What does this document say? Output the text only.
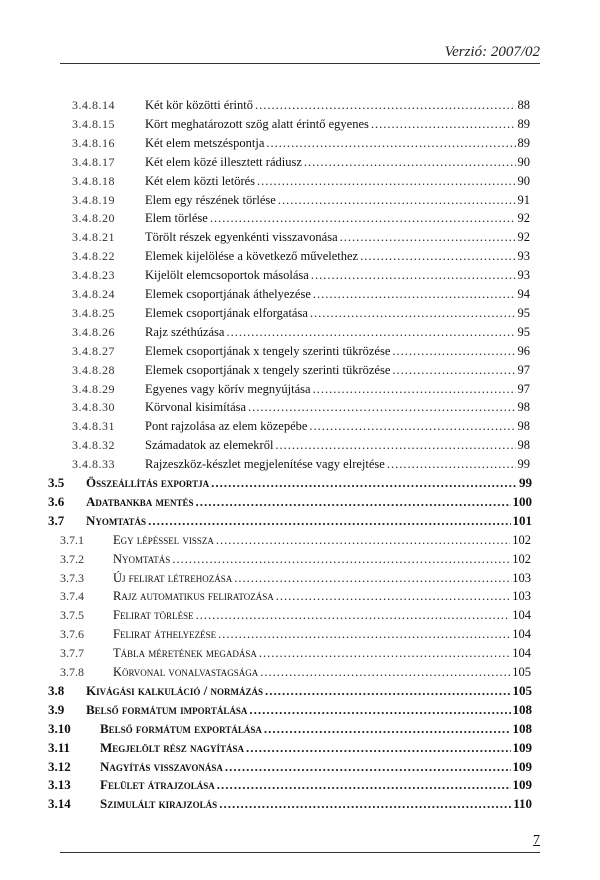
Verzió: 2007/02
3.4.8.14 Két kör közötti érintő .....	88
3.4.8.15 Kört meghatározott szög alatt érintő egyenes .....	89
3.4.8.16 Két elem metszéspontja .....	89
3.4.8.17 Két elem közé illesztett rádiusz .....	90
3.4.8.18 Két elem közti letörés .....	90
3.4.8.19 Elem egy részének törlése .....	91
3.4.8.20 Elem törlése .....	92
3.4.8.21 Törölt részek egyenkénti visszavonása .....	92
3.4.8.22 Elemek kijelölése a következő művelethez .....	93
3.4.8.23 Kijelölt elemcsoportok másolása .....	93
3.4.8.24 Elemek csoportjának áthelyezése .....	94
3.4.8.25 Elemek csoportjának elforgatása .....	95
3.4.8.26 Rajz széthúzása .....	95
3.4.8.27 Elemek csoportjának x tengely szerinti tükrözése .....	96
3.4.8.28 Elemek csoportjának x tengely szerinti tükrözése .....	97
3.4.8.29 Egyenes vagy körív megnyújtása .....	97
3.4.8.30 Körvonal kisimítása .....	98
3.4.8.31 Pont rajzolása az elem közepébe .....	98
3.4.8.32 Számadatok az elemekről .....	98
3.4.8.33 Rajzeszköz-készlet megjelenítése vagy elrejtése .....	99
3.5 Összeállítás exportja .....	99
3.6 Adatbankba mentés .....	100
3.7 Nyomtatás .....	101
3.7.1 Egy lépéssel vissza .....	102
3.7.2 Nyomtatás .....	102
3.7.3 Új felirat létrehozása .....	103
3.7.4 Rajz automatikus feliratozása .....	103
3.7.5 Felirat törlése .....	104
3.7.6 Felirat áthelyezése .....	104
3.7.7 Tábla méretének megadása .....	104
3.7.8 Körvonal vonalvastagsága .....	105
3.8 Kivágási kalkuláció / normázás .....	105
3.9 Belső formátum importálása .....	108
3.10 Belső formátum exportálása .....	108
3.11 Megjelölt rész nagyítása .....	109
3.12 Nagyítás visszavonása .....	109
3.13 Felület átrajzolása .....	109
3.14 Szimulált kirajzolás .....	110
7
